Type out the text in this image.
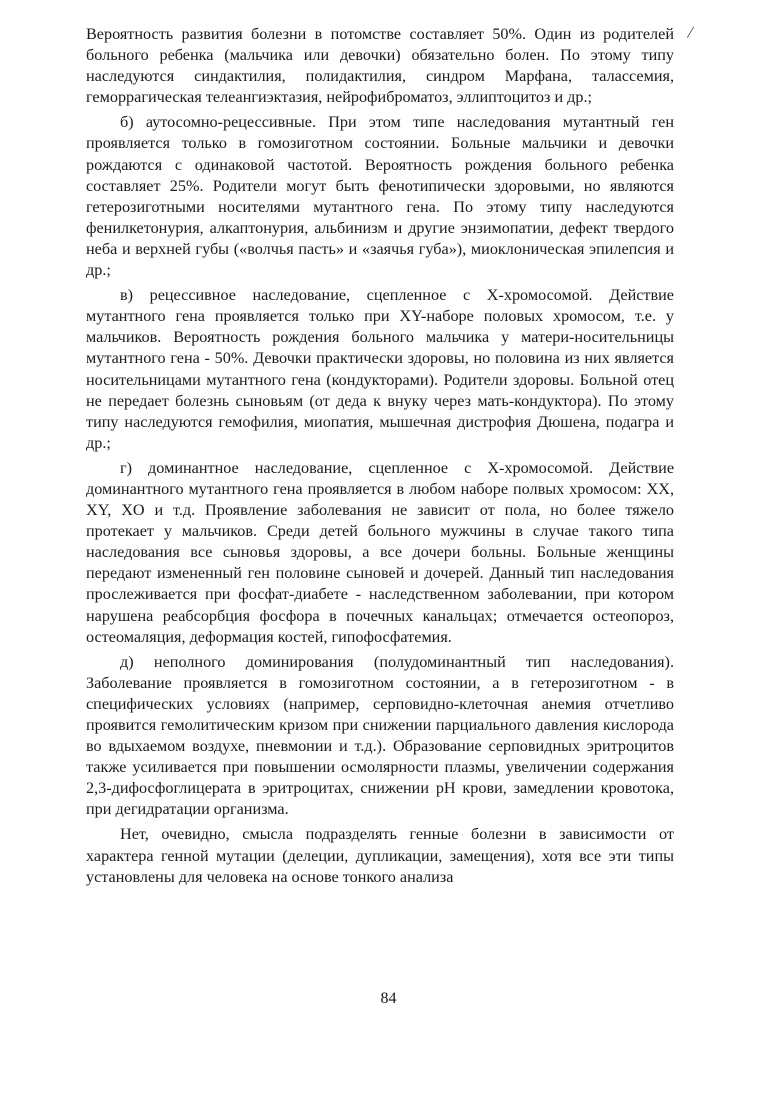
/

Вероятность развития болезни в потомстве составляет 50%. Один из родителей больного ребенка (мальчика или девочки) обязательно болен. По этому типу наследуются синдактилия, полидактилия, синдром Марфана, талассемия, геморрагическая телеангиэктазия, нейрофиброматоз, эллиптоцитоз и др.;

б) аутосомно-рецессивные. При этом типе наследования мутантный ген проявляется только в гомозиготном состоянии. Больные мальчики и девочки рождаются с одинаковой частотой. Вероятность рождения больного ребенка составляет 25%. Родители могут быть фенотипически здоровыми, но являются гетерозиготными носителями мутантного гена. По этому типу наследуются фенилкетонурия, алкаптонурия, альбинизм и другие энзимопатии, дефект твердого неба и верхней губы («волчья пасть» и «заячья губа»), миоклоническая эпилепсия и др.;

в) рецессивное наследование, сцепленное с Х-хромосомой. Действие мутантного гена проявляется только при XY-наборе половых хромосом, т.е. у мальчиков. Вероятность рождения больного мальчика у матери-носительницы мутантного гена - 50%. Девочки практически здоровы, но половина из них является носительницами мутантного гена (кондукторами). Родители здоровы. Больной отец не передает болезнь сыновьям (от деда к внуку через мать-кондуктора). По этому типу наследуются гемофилия, миопатия, мышечная дистрофия Дюшена, подагра и др.;

г) доминантное наследование, сцепленное с Х-хромосомой. Действие доминантного мутантного гена проявляется в любом наборе полвых хромосом: XX, XY, XO и т.д. Проявление заболевания не зависит от пола, но более тяжело протекает у мальчиков. Среди детей больного мужчины в случае такого типа наследования все сыновья здоровы, а все дочери больны. Больные женщины передают измененный ген половине сыновей и дочерей. Данный тип наследования прослеживается при фосфат-диабете - наследственном заболевании, при котором нарушена реабсорбция фосфора в почечных канальцах; отмечается остеопороз, остеомаляция, деформация костей, гипофосфатемия.

д) неполного доминирования (полудоминантный тип наследования). Заболевание проявляется в гомозиготном состоянии, а в гетерозиготном - в специфических условиях (например, серповидно-клеточная анемия отчетливо проявится гемолитическим кризом при снижении парциального давления кислорода во вдыхаемом воздухе, пневмонии и т.д.). Образование серповидных эритроцитов также усиливается при повышении осмолярности плазмы, увеличении содержания 2,3-дифосфоглицерата в эритроцитах, снижении pH крови, замедлении кровотока, при дегидратации организма.

Нет, очевидно, смысла подразделять генные болезни в зависимости от характера генной мутации (делеции, дупликации, замещения), хотя все эти типы установлены для человека на основе тонкого анализа

84
